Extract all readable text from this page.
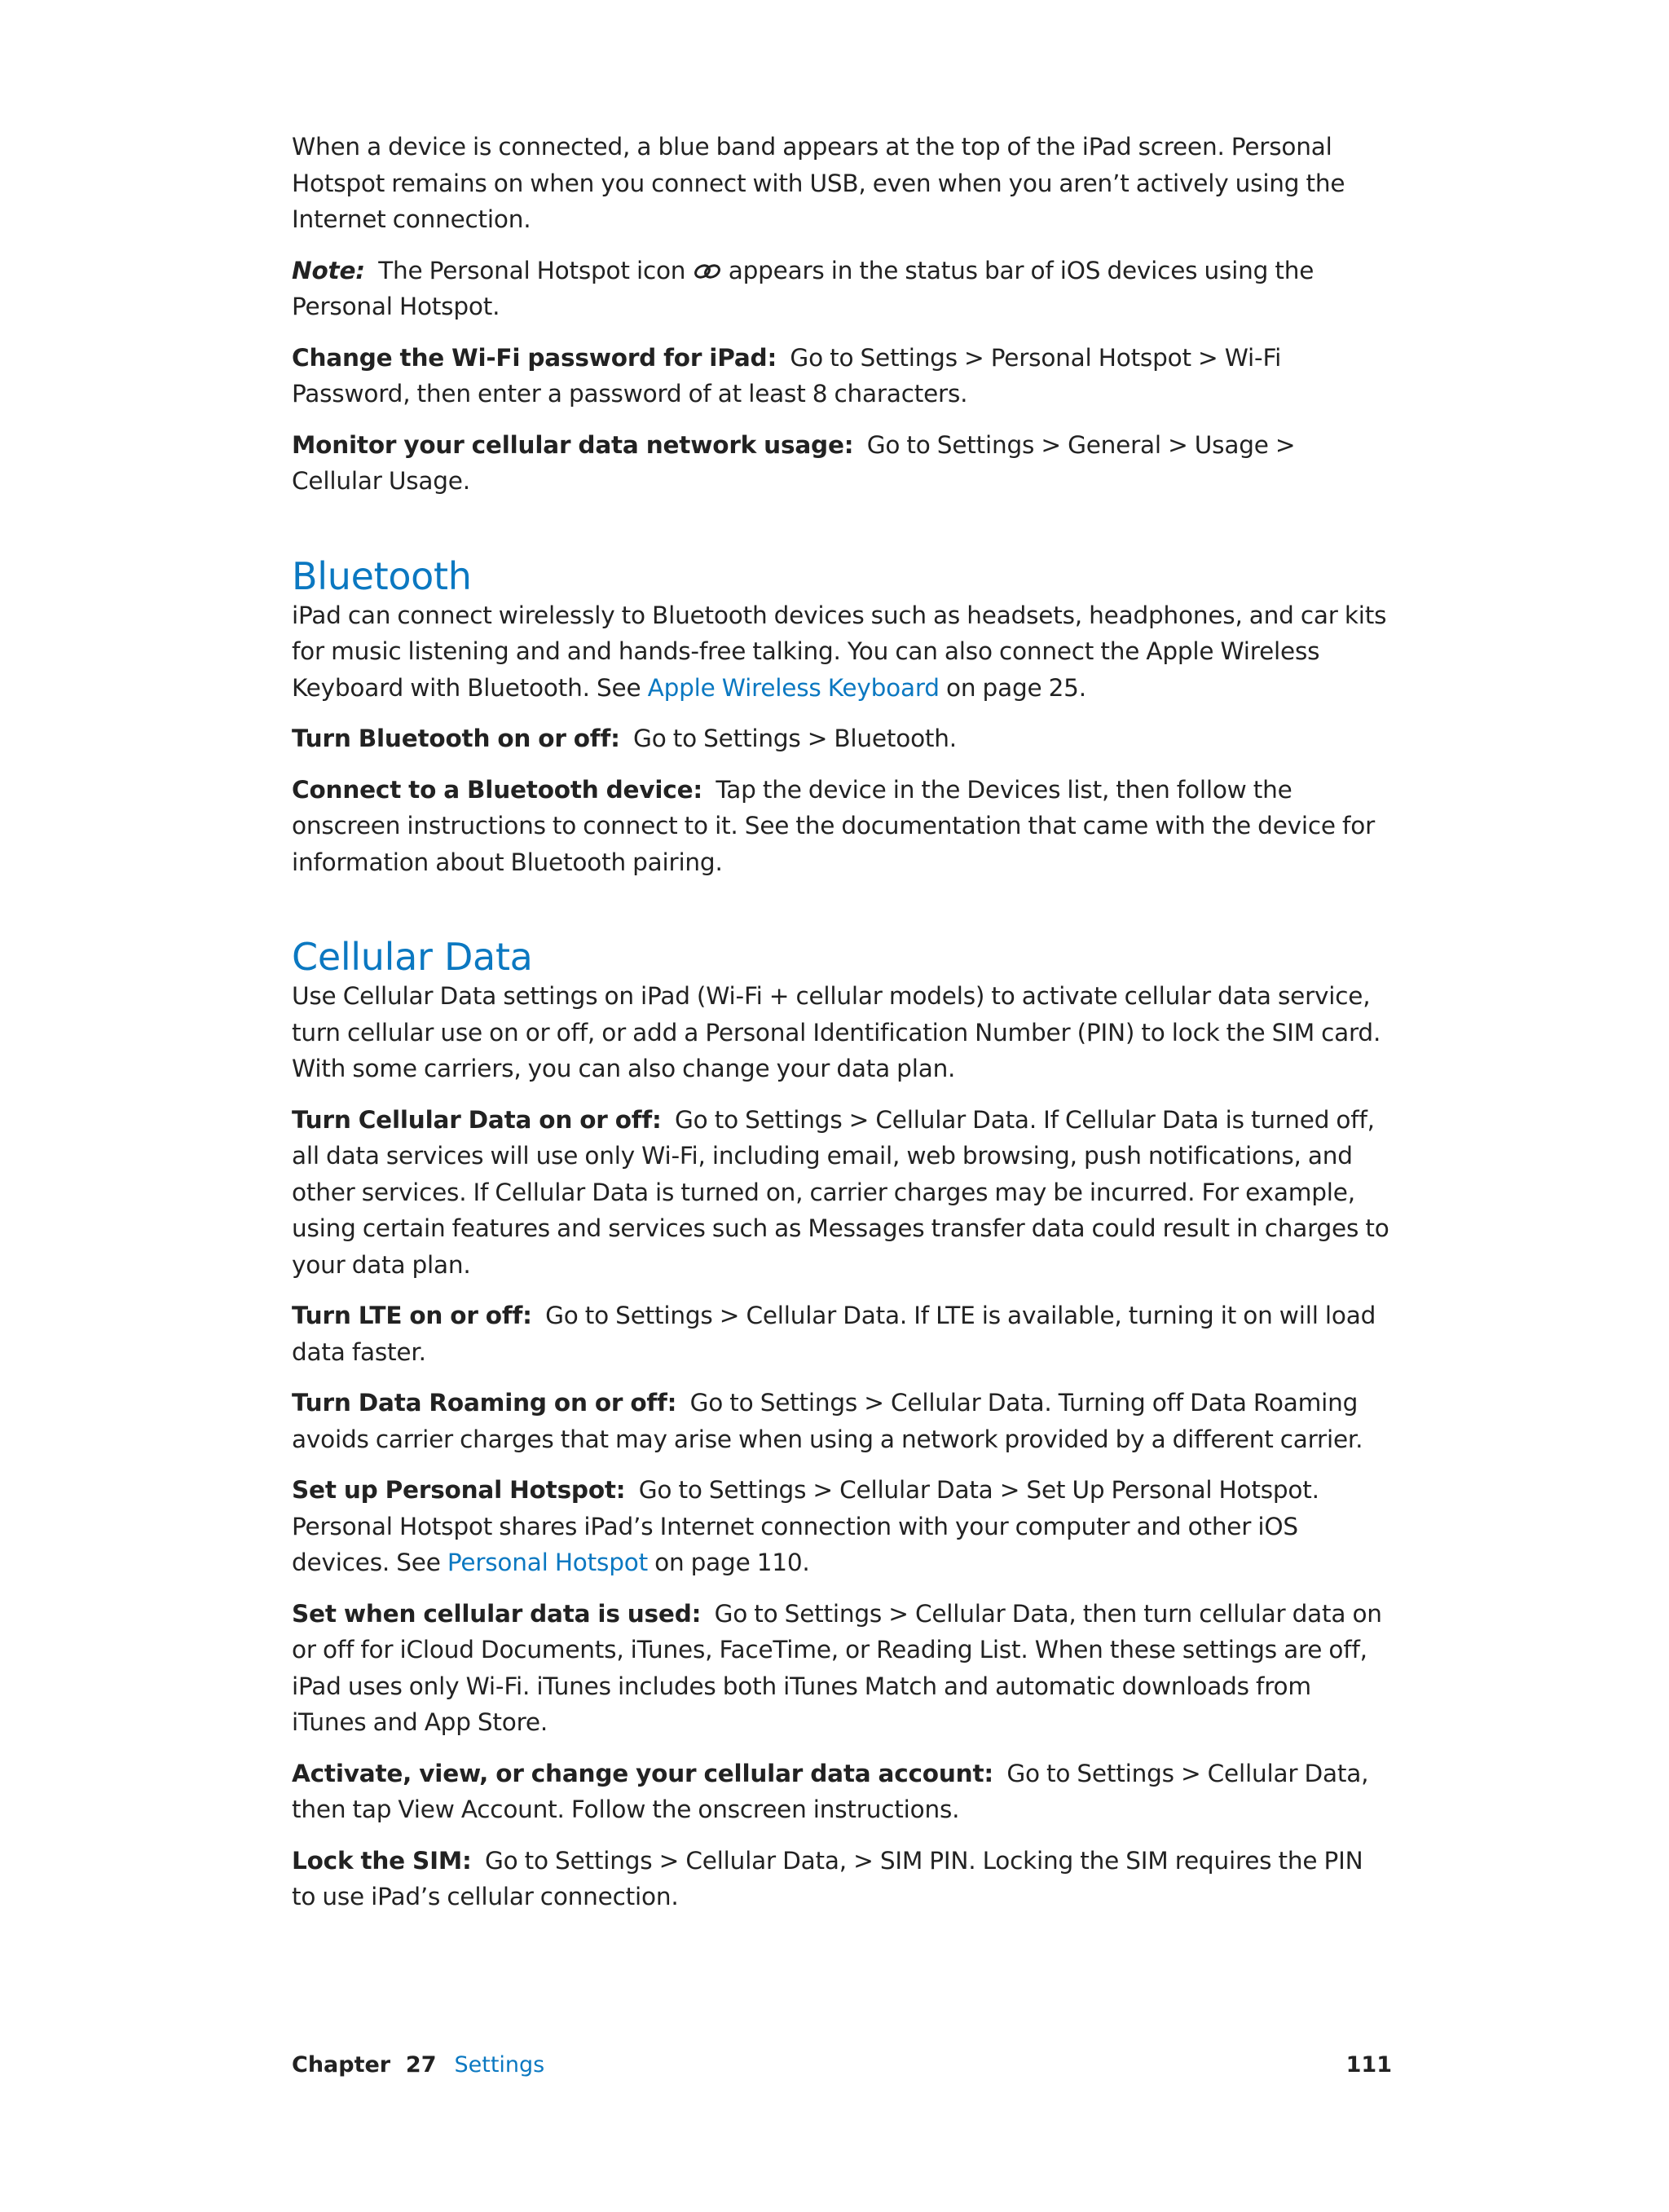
When a device is connected, a blue band appears at the top of the iPad screen. Personal Hotspot remains on when you connect with USB, even when you aren’t actively using the Internet connection.

Note: The Personal Hotspot icon appears in the status bar of iOS devices using the Personal Hotspot.

Change the Wi-Fi password for iPad: Go to Settings > Personal Hotspot > Wi-Fi Password, then enter a password of at least 8 characters.

Monitor your cellular data network usage: Go to Settings > General > Usage > Cellular Usage.

Bluetooth

iPad can connect wirelessly to Bluetooth devices such as headsets, headphones, and car kits for music listening and and hands-free talking. You can also connect the Apple Wireless Keyboard with Bluetooth. See Apple Wireless Keyboard on page 25.

Turn Bluetooth on or off: Go to Settings > Bluetooth.

Connect to a Bluetooth device: Tap the device in the Devices list, then follow the onscreen instructions to connect to it. See the documentation that came with the device for information about Bluetooth pairing.

Cellular Data

Use Cellular Data settings on iPad (Wi-Fi + cellular models) to activate cellular data service, turn cellular use on or off, or add a Personal Identification Number (PIN) to lock the SIM card. With some carriers, you can also change your data plan.

Turn Cellular Data on or off: Go to Settings > Cellular Data. If Cellular Data is turned off, all data services will use only Wi-Fi, including email, web browsing, push notifications, and other services. If Cellular Data is turned on, carrier charges may be incurred. For example, using certain features and services such as Messages transfer data could result in charges to your data plan.

Turn LTE on or off: Go to Settings > Cellular Data. If LTE is available, turning it on will load data faster.

Turn Data Roaming on or off: Go to Settings > Cellular Data. Turning off Data Roaming avoids carrier charges that may arise when using a network provided by a different carrier.

Set up Personal Hotspot: Go to Settings > Cellular Data > Set Up Personal Hotspot. Personal Hotspot shares iPad’s Internet connection with your computer and other iOS devices. See Personal Hotspot on page 110.

Set when cellular data is used: Go to Settings > Cellular Data, then turn cellular data on or off for iCloud Documents, iTunes, FaceTime, or Reading List. When these settings are off, iPad uses only Wi-Fi. iTunes includes both iTunes Match and automatic downloads from iTunes and App Store.

Activate, view, or change your cellular data account: Go to Settings > Cellular Data, then tap View Account. Follow the onscreen instructions.

Lock the SIM: Go to Settings > Cellular Data, > SIM PIN. Locking the SIM requires the PIN to use iPad’s cellular connection.

Chapter  27 Settings	111
